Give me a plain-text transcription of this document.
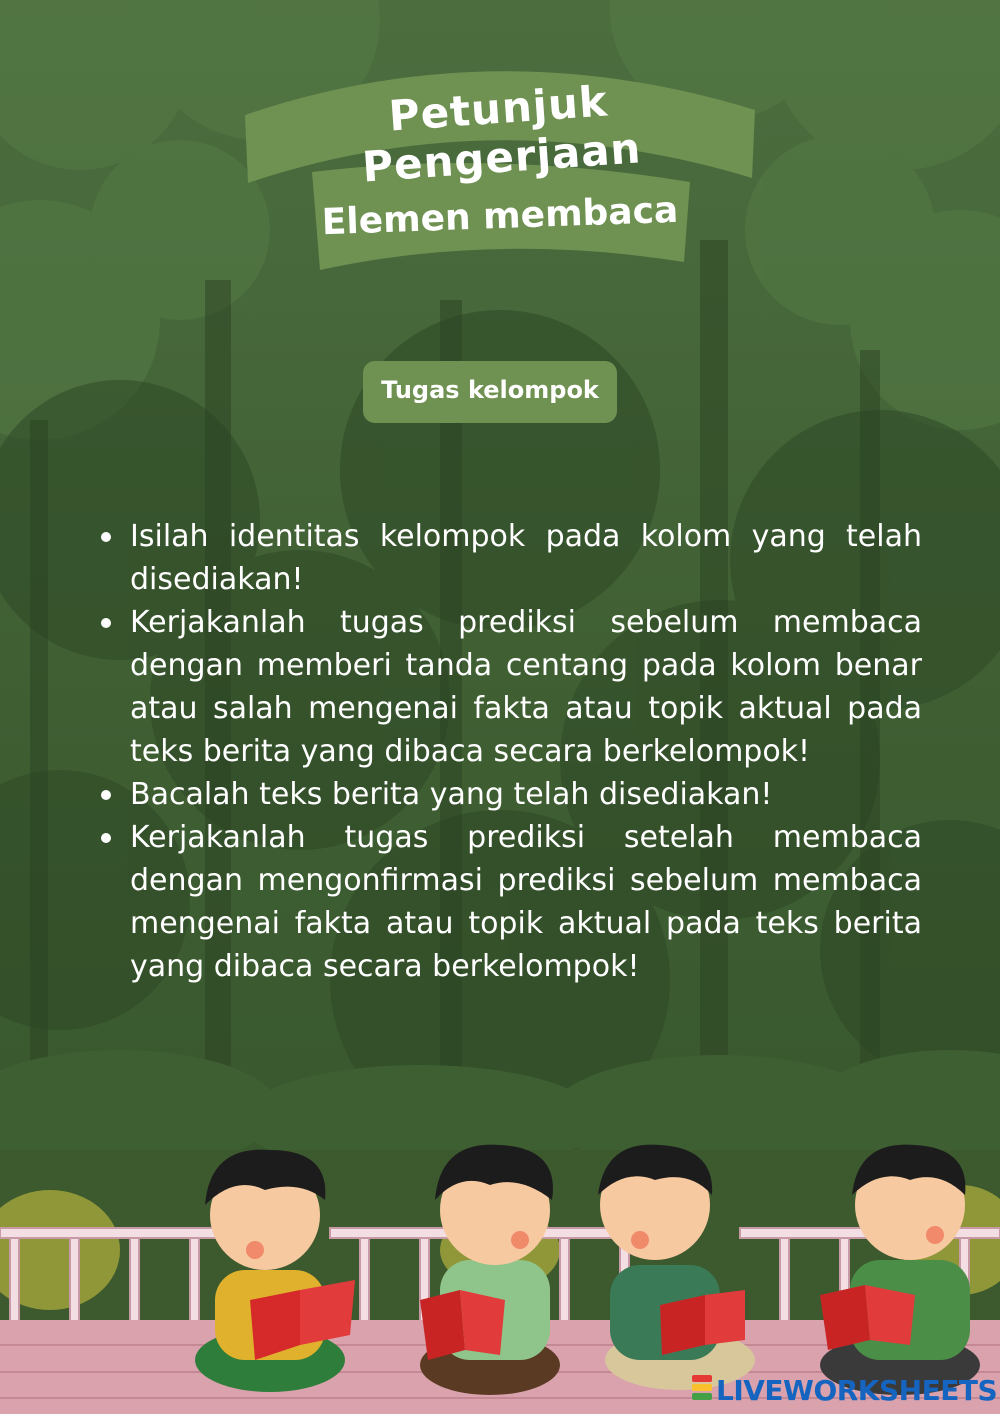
Petunjuk Pengerjaan
Elemen membaca
Tugas kelompok
Isilah identitas kelompok pada kolom yang telah disediakan!
Kerjakanlah tugas prediksi sebelum membaca dengan memberi tanda centang pada kolom benar atau salah mengenai fakta atau topik aktual pada teks berita yang dibaca secara berkelompok!
Bacalah teks berita yang telah disediakan!
Kerjakanlah tugas prediksi setelah membaca dengan mengonfirmasi prediksi sebelum membaca mengenai fakta atau topik aktual pada teks berita yang dibaca secara berkelompok!
LIVEWORKSHEETS
